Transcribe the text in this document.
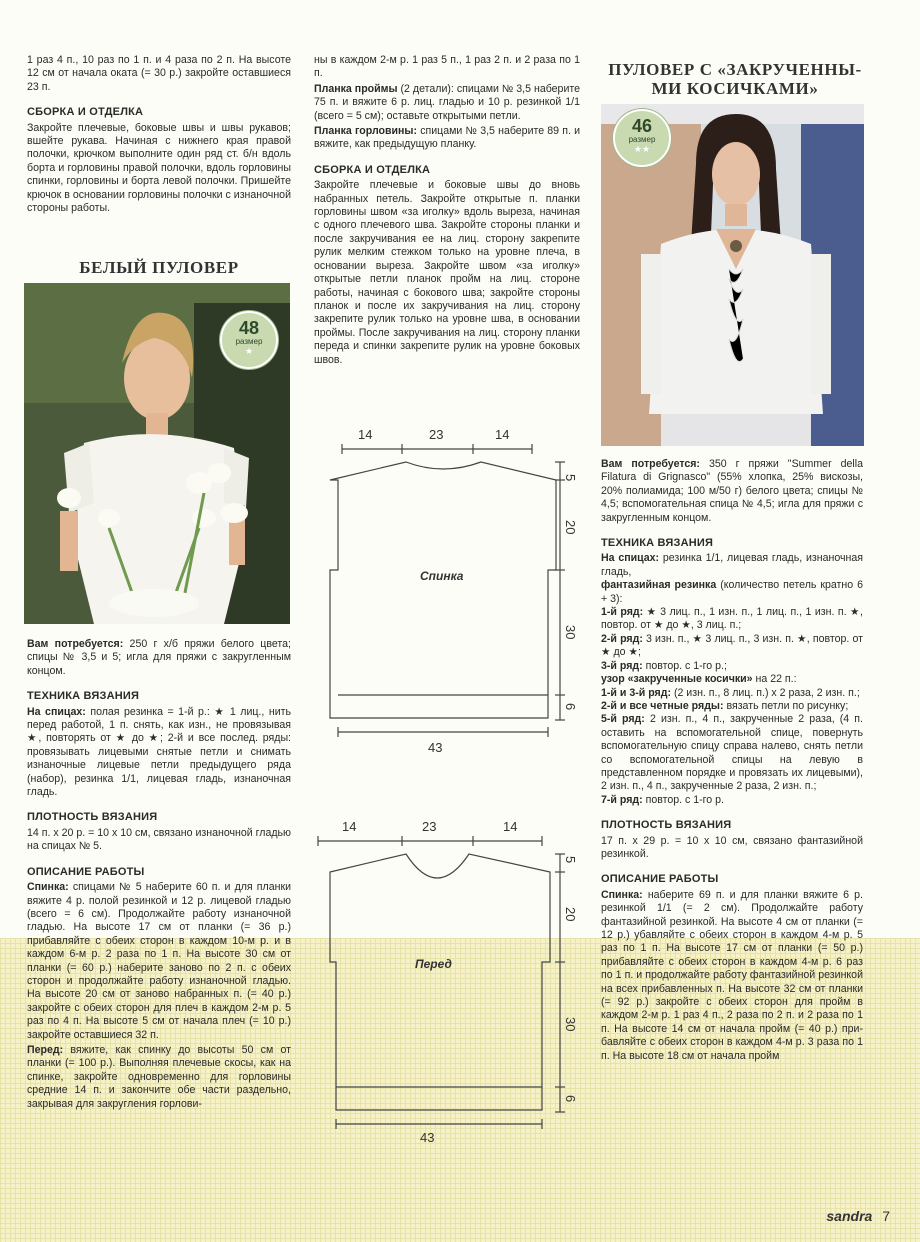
1 раз 4 п., 10 раз по 1 п. и 4 раза по 2 п. На высоте 12 см от начала оката (= 30 р.) закройте оставшиеся 23 п.

СБОРКА И ОТДЕЛКА

Закройте плечевые, боковые швы и швы рукавов; вшейте рукава. Начиная с нижнего края правой полочки, крючком выполните один ряд ст. б/н вдоль борта и горловины правой полочки, вдоль горловины спинки, горловины и борта левой полочки. Пришейте крючок в основании горловины полочки с изнаночной стороны работы.

БЕЛЫЙ ПУЛОВЕР
48
размер
★

Вам потребуется: 250 г х/б пряжи белого цвета; спицы № 3,5 и 5; игла для пряжи с закругленным концом.

ТЕХНИКА ВЯЗАНИЯ

На спицах: полая резинка = 1-й р.: ★ 1 лиц., нить перед работой, 1 п. снять, как изн., не провязывая ★, повторять от ★ до ★; 2-й и все послед. ряды: провязывать лицевыми снятые петли и снимать изнаночные лицевые петли предыдущего ряда (набор), резинка 1/1, лицевая гладь, изнаночная гладь.

ПЛОТНОСТЬ ВЯЗАНИЯ

14 п. x 20 р. = 10 x 10 см, связано изнаночной гладью на спицах № 5.

ОПИСАНИЕ РАБОТЫ

Спинка: спицами № 5 наберите 60 п. и для планки вяжите 4 р. полой резинкой и 12 р. лицевой гладью (всего = 6 см). Продолжайте работу изнаночной гладью. На высоте 17 см от планки (= 36 р.) прибавляйте с обеих сторон в каждом 10-м р. и в каждом 6-м р. 2 раза по 1 п. На высоте 30 см от планки (= 60 р.) наберите заново по 2 п. с обеих сторон и продолжайте работу изнаночной гладью. На высоте 20 см от заново набранных п. (= 40 р.) закройте с обеих сторон для плеч в каждом 2-м р. 5 раз по 4 п. На высоте 5 см от начала плеч (= 10 р.) закройте оставшиеся 32 п.

Перед: вяжите, как спинку до высоты 50 см от планки (= 100 р.). Выполняя плечевые скосы, как на спинке, закройте одновременно для горловины средние 14 п. и закончите обе части раздельно, закрывая для закругления горлови-

ны в каждом 2-м р. 1 раз 5 п., 1 раз 2 п. и 2 раза по 1 п.

Планка проймы (2 детали): спицами № 3,5 наберите 75 п. и вяжите 6 р. лиц. гладью и 10 р. резинкой 1/1 (всего = 5 см); оставьте открытыми петли.

Планка горловины: спицами № 3,5 наберите 89 п. и вяжите, как предыдущую планку.

СБОРКА И ОТДЕЛКА

Закройте плечевые и боковые швы до вновь набранных петель. Закройте открытые п. планки горловины швом «за иголку» вдоль выреза, начиная с одного плечевого шва. Закройте стороны планки и после закручивания ее на лиц. сторону закрепите рулик мелким стежком только на уровне плеча, в основании выреза. Закройте швом «за иголку» открытые петли планок пройм на лиц. стороне работы, начиная с бокового шва; закройте стороны планок и после их закручивания на лиц. сторону закрепите рулик только на уровне шва, в основании проймы. После закручивания на лиц. сторону планки переда и спинки закрепите рулик на уровне боковых швов.

14	23	14
5
20
30
6
43
Спинка
14	23	14
5
20
30
6
43
Перед
ПУЛОВЕР С «ЗАКРУЧЕННЫ-
МИ КОСИЧКАМИ»
46
размер
★★

Вам потребуется: 350 г пряжи "Summer della Filatura di Grignasco" (55% хлопка, 25% вискозы, 20% полиамида; 100 м/50 г) белого цвета; спицы № 4,5; вспомогательная спица № 4,5; игла для пряжи с закругленным концом.

ТЕХНИКА ВЯЗАНИЯ

На спицах: резинка 1/1, лицевая гладь, изнаночная гладь,

фантазийная резинка (количество петель кратно 6 + 3):

1-й ряд: ★ 3 лиц. п., 1 изн. п., 1 лиц. п., 1 изн. п. ★, повтор. от ★ до ★, 3 лиц. п.;

2-й ряд: 3 изн. п., ★ 3 лиц. п., 3 изн. п. ★, повтор. от ★ до ★;

3-й ряд: повтор. с 1-го р.;

узор «закрученные косички» на 22 п.:

1-й и 3-й ряд: (2 изн. п., 8 лиц. п.) x 2 раза, 2 изн. п.;

2-й и все четные ряды: вязать петли по рисунку;

5-й ряд: 2 изн. п., 4 п., закрученные 2 раза, (4 п. оставить на вспомогательной спице, повернуть вспомогательную спицу справа налево, снять петли со вспомогательной спицы на левую в представленном порядке и провязать их лицевыми), 2 изн. п., 4 п., закрученные 2 раза, 2 изн. п.;

7-й ряд: повтор. с 1-го р.

ПЛОТНОСТЬ ВЯЗАНИЯ

17 п. x 29 р. = 10 x 10 см, связано фантазийной резинкой.

ОПИСАНИЕ РАБОТЫ

Спинка: наберите 69 п. и для планки вяжите 6 р. резинкой 1/1 (= 2 см). Продолжайте работу фантазийной резинкой. На высоте 4 см от планки (= 12 р.) убавляйте с обеих сторон в каждом 4-м р. 5 раз по 1 п. На высоте 17 см от планки (= 50 р.) прибавляйте с обеих сторон в каждом 4-м р. 6 раз по 1 п. и продолжайте работу фантазийной резинкой на всех прибавленных п. На высоте 32 см от планки (= 92 р.) закройте с обеих сторон для пройм в каждом 2-м р. 1 раз 4 п., 2 раза по 2 п. и 2 раза по 1 п. На высоте 14 см от начала пройм (= 40 р.) прибавляйте с обеих сторон в каждом 4-м р. 3 раза по 1 п. На высоте 18 см от начала пройм

sandra 7
